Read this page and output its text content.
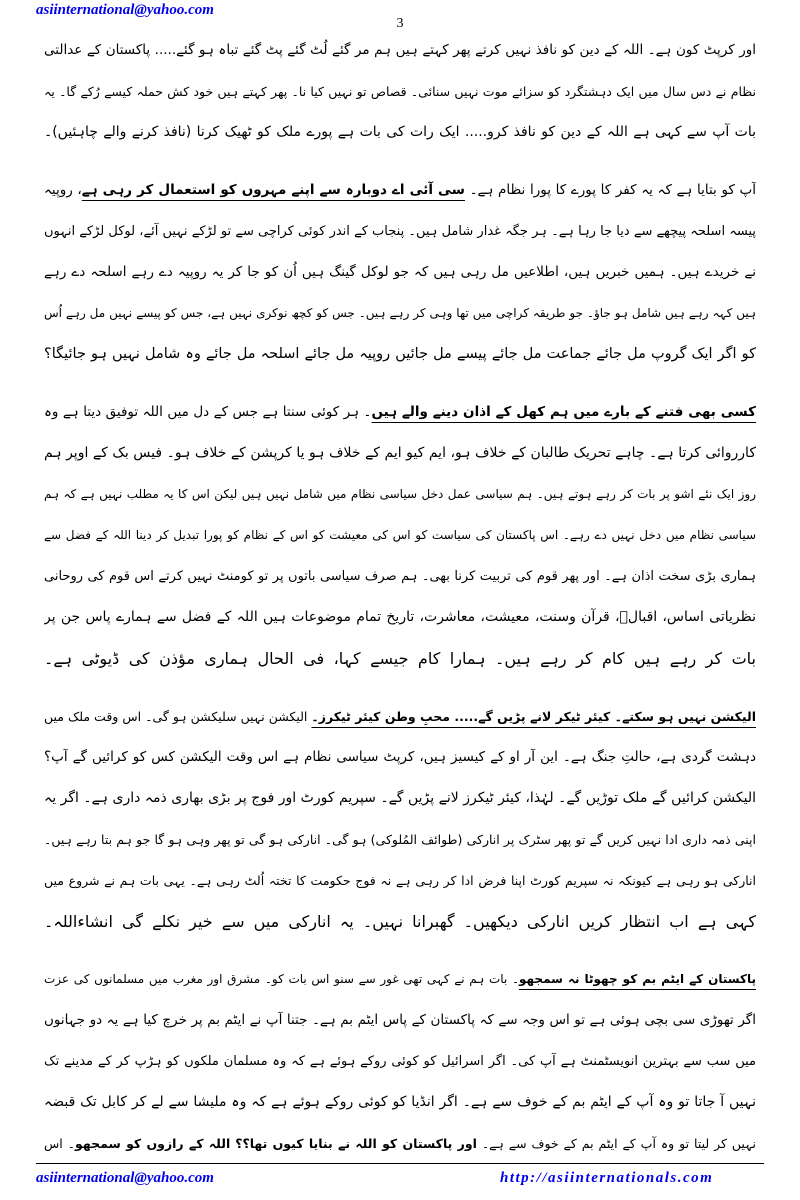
asiinternational@yahoo.com
3
اور کرپٹ کون ہے۔ اللہ کے دین کو نافذ نہیں کرتے پھر کہتے ہیں ہم مر گئے لُٹ گئے پٹ گئے تباہ ہو گئے..... پاکستان کے عدالتی
نظام نے دس سال میں ایک دہشتگرد کو سزائے موت نہیں سنائی۔ قصاص تو نہیں کیا نا۔ پھر کہتے ہیں خود کش حملہ کیسے رُکے گا۔ یہ
بات آپ سے کہی ہے اللہ کے دین کو نافذ کرو..... ایک رات کی بات ہے پورے ملک کو ٹھیک کرنا (نافذ کرنے والے چاہئیں)۔
آپ کو بتایا ہے کہ یہ کفر کا پورے کا پورا نظام ہے۔ سی آئی اے دوبارہ سے اپنے مہروں کو استعمال کر رہی ہے، روپیہ
پیسہ اسلحہ پیچھے سے دیا جا رہا ہے۔ ہر جگہ غدار شامل ہیں۔ پنجاب کے اندر کوئی کراچی سے تو لڑکے نہیں آئے، لوکل لڑکے انہوں
نے خریدے ہیں۔ ہمیں خبریں ہیں، اطلاعیں مل رہی ہیں کہ جو لوکل گینگ ہیں اُن کو جا کر یہ روپیہ دے رہے اسلحہ دے رہے
ہیں کہہ رہے ہیں شامل ہو جاؤ۔ جو طریقہ کراچی میں تھا وہی کر رہے ہیں۔ جس کو کچھ نوکری نہیں ہے، جس کو پیسے نہیں مل رہے اُس
کو اگر ایک گروپ مل جائے جماعت مل جائے پیسے مل جائیں روپیہ مل جائے اسلحہ مل جائے وہ شامل نہیں ہو جائیگا؟
کسی بھی فتنے کے بارے میں ہم کھل کے اذان دینے والے ہیں۔ ہر کوئی سنتا ہے جس کے دل میں اللہ توفیق دیتا ہے وہ
کارروائی کرتا ہے۔ چاہے تحریک طالبان کے خلاف ہو، ایم کیو ایم کے خلاف ہو یا کرپشن کے خلاف ہو۔ فیس بک کے اوپر ہم
روز ایک نئے اشو پر بات کر رہے ہوتے ہیں۔ ہم سیاسی عمل دخل سیاسی نظام میں شامل نہیں ہیں لیکن اس کا یہ مطلب نہیں ہے کہ ہم
سیاسی نظام میں دخل نہیں دے رہے۔ اس پاکستان کی سیاست کو اس کی معیشت کو اس کے نظام کو پورا تبدیل کر دینا اللہ کے فضل سے
ہماری بڑی سخت اذان ہے۔ اور پھر قوم کی تربیت کرنا بھی۔ ہم صرف سیاسی باتوں پر تو کومنٹ نہیں کرتے اس قوم کی روحانی
نظریاتی اساس، اقبالؒ، قرآن وسنت، معیشت، معاشرت، تاریخ تمام موضوعات ہیں اللہ کے فضل سے ہمارے پاس جن پر
بات کر رہے ہیں کام کر رہے ہیں۔ ہمارا کام جیسے کہا، فی الحال ہماری مؤذن کی ڈیوٹی ہے۔
الیکشن نہیں ہو سکتے۔ کیئر ٹیکر لانے پڑیں گے..... محبِ وطن کیئر ٹیکرز۔ الیکشن نہیں سلیکشن ہو گی۔ اس وقت ملک میں
دہشت گردی ہے، حالتِ جنگ ہے۔ این آر او کے کیسیز ہیں، کرپٹ سیاسی نظام ہے اس وقت الیکشن کس کو کرائیں گے آپ؟
الیکشن کرائیں گے ملک توڑیں گے۔ لہٰذا، کیئر ٹیکرز لانے پڑیں گے۔ سپریم کورٹ اور فوج پر بڑی بھاری ذمہ داری ہے۔ اگر یہ
اپنی ذمہ داری ادا نہیں کریں گے تو پھر سٹرک پر انارکی (طوائف المُلوکی) ہو گی۔ انارکی ہو گی تو پھر وہی ہو گا جو ہم بتا رہے ہیں۔
انارکی ہو رہی ہے کیونکہ نہ سپریم کورٹ اپنا فرض ادا کر رہی ہے نہ فوج حکومت کا تختہ اُلٹ رہی ہے۔ یہی بات ہم نے شروع میں
کہی ہے اب انتظار کریں انارکی دیکھیں۔ گھبرانا نہیں۔ یہ انارکی میں سے خیر نکلے گی انشاءاللہ۔
پاکستان کے ایٹم بم کو چھوٹا نہ سمجھو۔ بات ہم نے کہی تھی غور سے سنو اس بات کو۔ مشرق اور مغرب میں مسلمانوں کی عزت
اگر تھوڑی سی بچی ہوئی ہے تو اس وجہ سے کہ پاکستان کے پاس ایٹم بم ہے۔ جتنا آپ نے ایٹم بم پر خرچ کیا ہے یہ دو جہانوں
میں سب سے بہترین انویسٹمنٹ ہے آپ کی۔ اگر اسرائیل کو کوئی روکے ہوئے ہے کہ وہ مسلمان ملکوں کو ہڑپ کر کے مدینے تک
نہیں آ جاتا تو وہ آپ کے ایٹم بم کے خوف سے ہے۔ اگر انڈیا کو کوئی روکے ہوئے ہے کہ وہ ملیشا سے لے کر کابل تک قبضہ
نہیں کر لیتا تو وہ آپ کے ایٹم بم کے خوف سے ہے۔ اور پاکستان کو اللہ نے بنایا کیوں تھا؟؟ اللہ کے رازوں کو سمجھو۔ اس
asiinternational@yahoo.com	http://asiinternationals.com
